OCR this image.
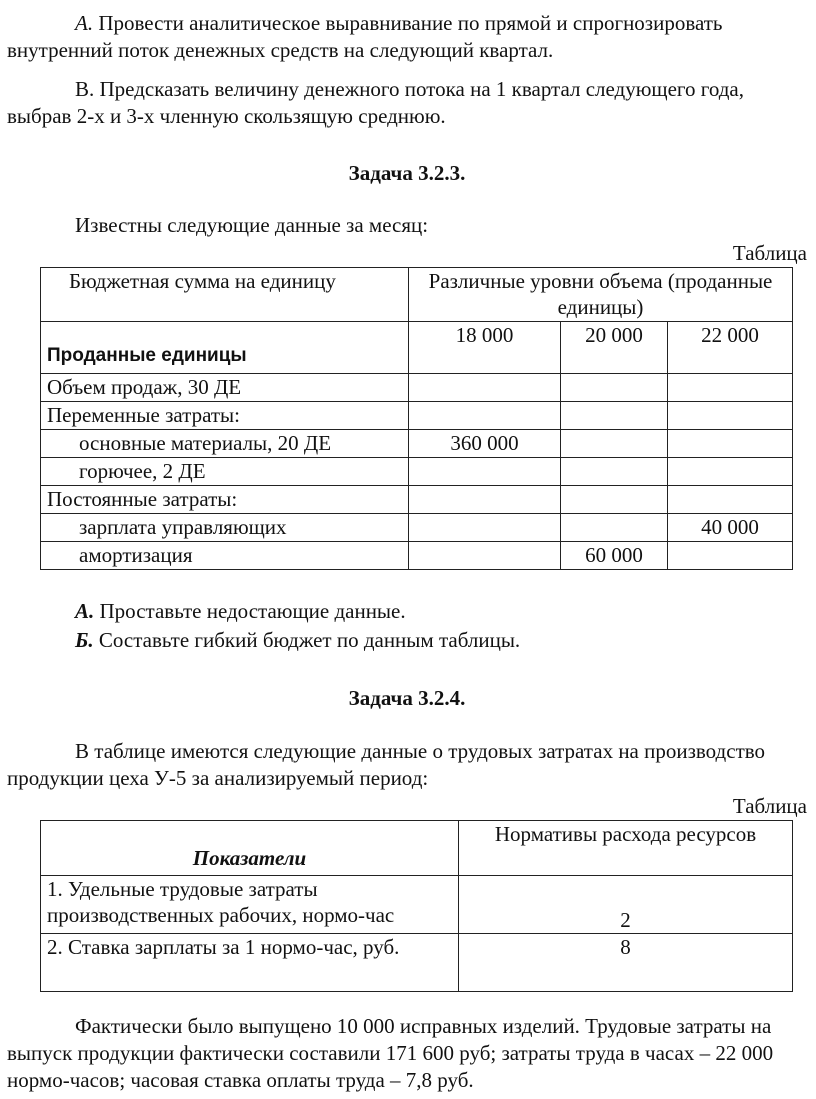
А. Провести аналитическое выравнивание по прямой и спрогнозировать внутренний поток денежных средств на следующий квартал.

В. Предсказать величину денежного потока на 1 квартал следующего года, выбрав 2-х и 3-х членную скользящую среднюю.

Задача 3.2.3.

Известны следующие данные за месяц:

Таблица

Бюджетная сумма на единицу	Различные уровни объема (проданные единицы)		
Проданные единицы	18 000	20 000	22 000
Объем продаж, 30 ДЕ			
Переменные затраты:			
основные материалы, 20 ДЕ	360 000		
горючее, 2 ДЕ			
Постоянные затраты:			
зарплата управляющих			40 000
амортизация		60 000	

А. Проставьте недостающие данные.

Б. Составьте гибкий бюджет по данным таблицы.

Задача 3.2.4.

В таблице имеются следующие данные о трудовых затратах на производство продукции цеха У-5 за анализируемый период:

Таблица

Показатели	Нормативы расхода ресурсов
1. Удельные трудовые затраты производственных рабочих, нормо-час	2
2. Ставка зарплаты за 1 нормо-час, руб.	8

Фактически было выпущено 10 000 исправных изделий. Трудовые затраты на выпуск продукции фактически составили 171 600 руб; затраты труда в часах – 22 000 нормо-часов; часовая ставка оплаты труда – 7,8 руб.
